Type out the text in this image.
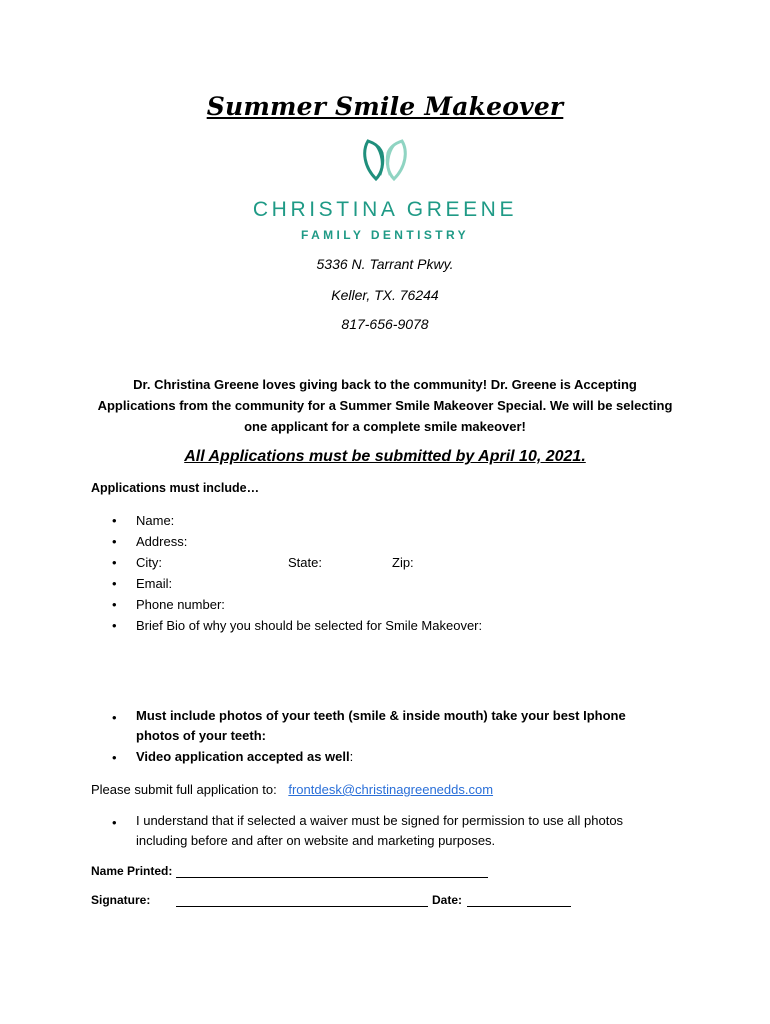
Summer Smile Makeover
CHRISTINA GREENE
FAMILY DENTISTRY
5336 N. Tarrant Pkwy.
Keller, TX. 76244
817-656-9078
Dr. Christina Greene loves giving back to the community! Dr. Greene is Accepting
Applications from the community for a Summer Smile Makeover Special. We will be selecting
one applicant for a complete smile makeover!
All Applications must be submitted by April 10, 2021.
Applications must include…
• Name:
• Address:
• City:	State:	Zip:
• Email:
• Phone number:
• Brief Bio of why you should be selected for Smile Makeover:
• Must include photos of your teeth (smile & inside mouth) take your best Iphone
photos of your teeth:
• Video application accepted as well:
Please submit full application to: frontdesk@christinagreenedds.com
• I understand that if selected a waiver must be signed for permission to use all photos
including before and after on website and marketing purposes.
Name Printed:
Signature:	Date:
